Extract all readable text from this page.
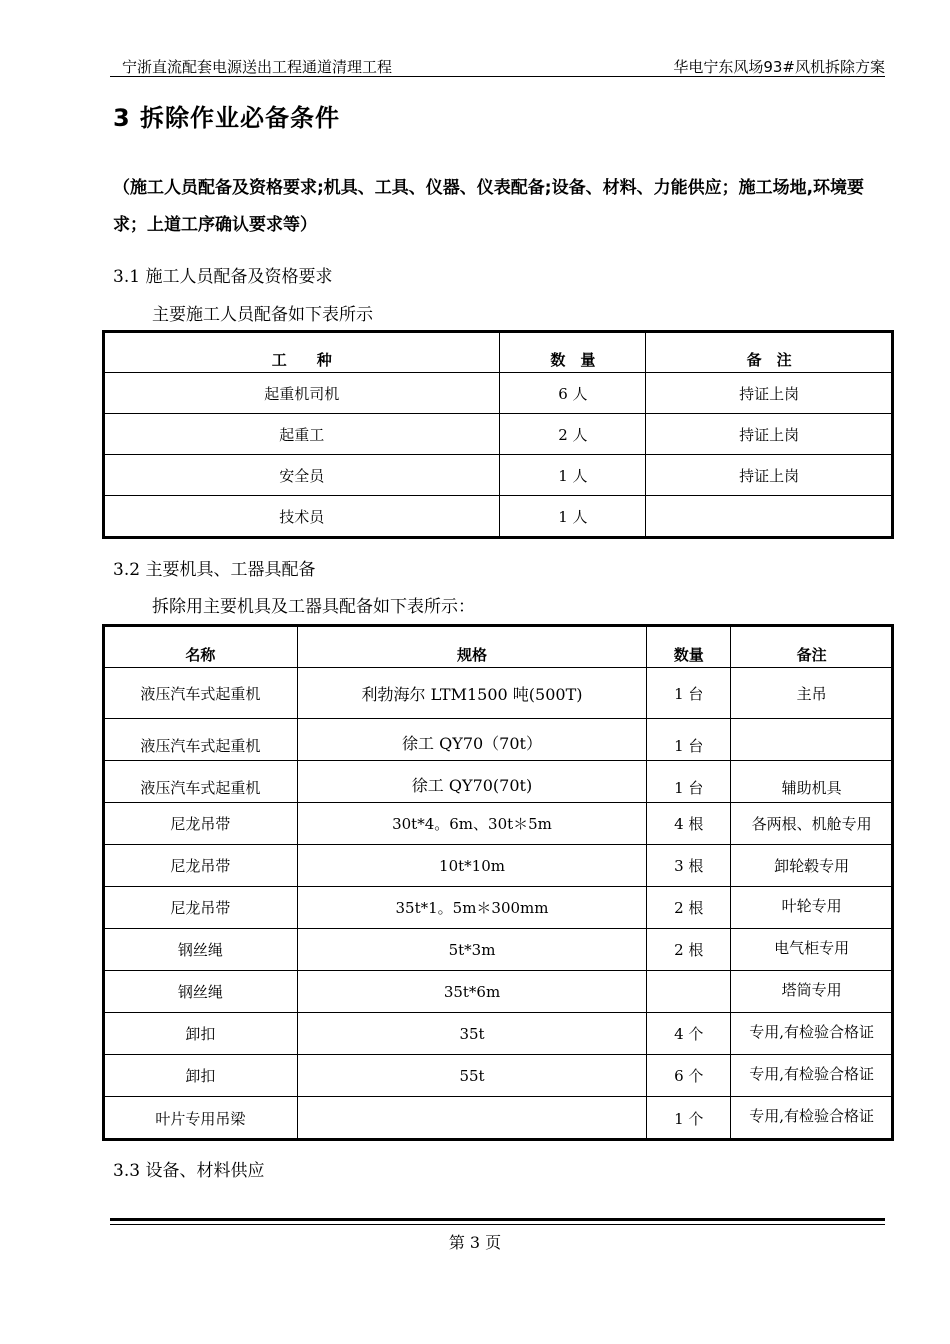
宁浙直流配套电源送出工程通道清理工程	华电宁东风场93#风机拆除方案
3 拆除作业必备条件
（施工人员配备及资格要求;机具、工具、仪器、仪表配备;设备、材料、力能供应；施工场地,环境要求；上道工序确认要求等）
3.1 施工人员配备及资格要求
主要施工人员配备如下表所示
工　　种	数　量	备　注
起重机司机	6 人	持证上岗
起重工	2 人	持证上岗
安全员	1 人	持证上岗
技术员	1 人	
3.2 主要机具、工器具配备
拆除用主要机具及工器具配备如下表所示：
名称	规格	数量	备注
液压汽车式起重机	利勃海尔 LTM1500 吨(500T)	1 台	主吊
液压汽车式起重机	徐工 QY70（70t）	1 台	
液压汽车式起重机	徐工 QY70(70t)	1 台	辅助机具
尼龙吊带	30t*4。6m、30t＊5m	4 根	各两根、机舱专用
尼龙吊带	10t*10m	3 根	卸轮毂专用
尼龙吊带	35t*1。5m＊300mm	2 根	叶轮专用
钢丝绳	5t*3m	2 根	电气柜专用
钢丝绳	35t*6m		塔筒专用
卸扣	35t	4 个	专用,有检验合格证
卸扣	55t	6 个	专用,有检验合格证
叶片专用吊梁		1 个	专用,有检验合格证
3.3 设备、材料供应
第 3 页
